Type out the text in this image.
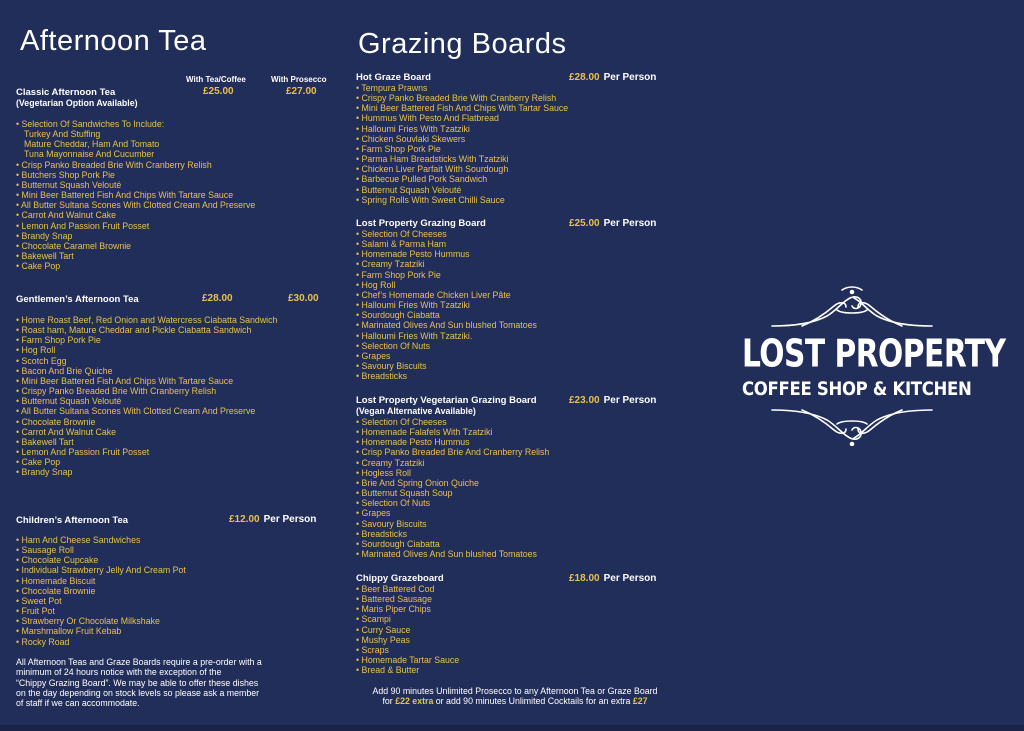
Afternoon Tea
With Tea/Coffee	With Prosecco
Classic Afternoon Tea
(Vegetarian Option Available)
£25.00	£27.00
• Selection Of Sandwiches To Include:
Turkey And Stuffing
Mature Cheddar, Ham And Tomato
Tuna Mayonnaise And Cucumber
• Crisp Panko Breaded Brie With Cranberry Relish
• Butchers Shop Pork Pie
• Butternut Squash Velouté
• Mini Beer Battered Fish And Chips With Tartare Sauce
• All Butter Sultana Scones With Clotted Cream And Preserve
• Carrot And Walnut Cake
• Lemon And Passion Fruit Posset
• Brandy Snap
• Chocolate Caramel Brownie
• Bakewell Tart
• Cake Pop
Gentlemen’s Afternoon Tea	£28.00	£30.00
• Home Roast Beef, Red Onion and Watercress Ciabatta Sandwich
• Roast ham, Mature Cheddar and Pickle Ciabatta Sandwich
• Farm Shop Pork Pie
• Hog Roll
• Scotch Egg
• Bacon And Brie Quiche
• Mini Beer Battered Fish And Chips With Tartare Sauce
• Crispy Panko Breaded Brie With Cranberry Relish
• Butternut Squash Velouté
• All Butter Sultana Scones With Clotted Cream And Preserve
• Chocolate Brownie
• Carrot And Walnut Cake
• Bakewell Tart
• Lemon And Passion Fruit Posset
• Cake Pop
• Brandy Snap
Children’s Afternoon Tea	£12.00 Per Person
• Ham And Cheese Sandwiches
• Sausage Roll
• Chocolate Cupcake
• Individual Strawberry Jelly And Cream Pot
• Homemade Biscuit
• Chocolate Brownie
• Sweet Pot
• Fruit Pot
• Strawberry Or Chocolate Milkshake
• Marshmallow Fruit Kebab
• Rocky Road
All Afternoon Teas and Graze Boards require a pre-order with a
minimum of 24 hours notice with the exception of the
“Chippy Grazing Board”. We may be able to offer these dishes
on the day depending on stock levels so please ask a member
of staff if we can accommodate.
Grazing Boards
Hot Graze Board	£28.00 Per Person
• Tempura Prawns
• Crispy Panko Breaded Brie With Cranberry Relish
• Mini Beer Battered Fish And Chips With Tartar Sauce
• Hummus With Pesto And Flatbread
• Halloumi Fries With Tzatziki
• Chicken Souvlaki Skewers
• Farm Shop Pork Pie
• Parma Ham Breadsticks With Tzatziki
• Chicken Liver Parfait With Sourdough
• Barbecue Pulled Pork Sandwich
• Butternut Squash Velouté
• Spring Rolls With Sweet Chilli Sauce
Lost Property Grazing Board	£25.00 Per Person
• Selection Of Cheeses
• Salami & Parma Ham
• Homemade Pesto Hummus
• Creamy Tzatziki
• Farm Shop Pork Pie
• Hog Roll
• Chef’s Homemade Chicken Liver Pâte
• Halloumi Fries With Tzatziki
• Sourdough Ciabatta
• Marinated Olives And Sun blushed Tomatoes
• Halloumi Fries With Tzatziki.
• Selection Of Nuts
• Grapes
• Savoury Biscuits
• Breadsticks
Lost Property Vegetarian Grazing Board
(Vegan Alternative Available)
£23.00 Per Person
• Selection Of Cheeses
• Homemade Falafels With Tzatziki
• Homemade Pesto Hummus
• Crisp Panko Breaded Brie And Cranberry Relish
• Creamy Tzatziki
• Hogless Roll
• Brie And Spring Onion Quiche
• Butternut Squash Soup
• Selection Of Nuts
• Grapes
• Savoury Biscuits
• Breadsticks
• Sourdough Ciabatta
• Marinated Olives And Sun blushed Tomatoes
Chippy Grazeboard	£18.00 Per Person
• Beer Battered Cod
• Battered Sausage
• Maris Piper Chips
• Scampi
• Curry Sauce
• Mushy Peas
• Scraps
• Homemade Tartar Sauce
• Bread & Butter
Add 90 minutes Unlimited Prosecco to any Afternoon Tea or Graze Board
for £22 extra or add 90 minutes Unlimited Cocktails for an extra £27
LOST PROPERTY
COFFEE SHOP & KITCHEN
